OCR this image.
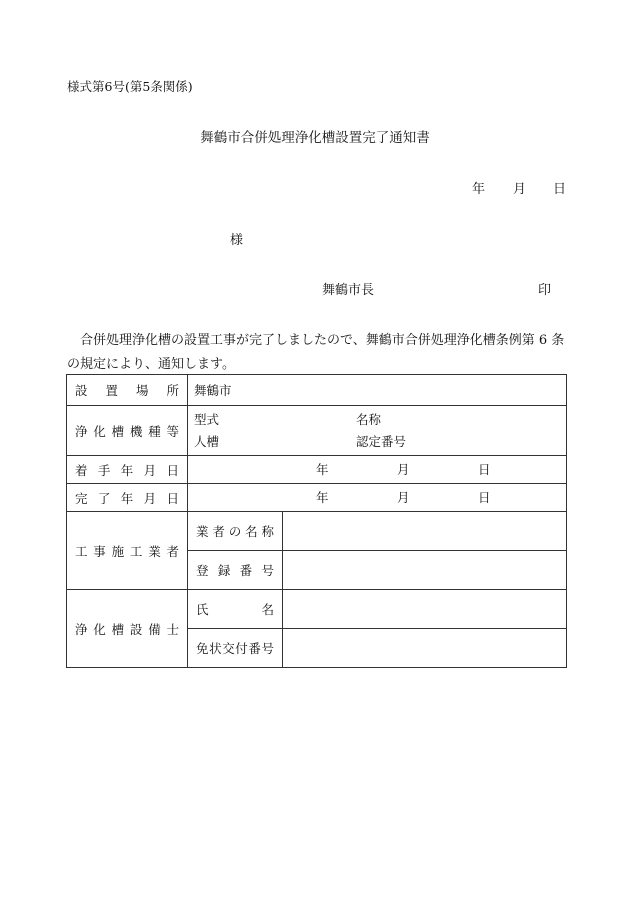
様式第6号(第5条関係)
舞鶴市合併処理浄化槽設置完了通知書
年 月 日
様
舞鶴市長	印
合併処理浄化槽の設置工事が完了しましたので、舞鶴市合併処理浄化槽条例第 6 条の規定により、通知します。
設置場所	舞鶴市	
浄化槽機種等	型式 名称
人槽 認定番号	

着手年月日	年 月 日	

完了年月日	年 月 日	

工事施工業者	業者の名称	
	登録番号	
浄化槽設備士	氏名	
	免状交付番号	
